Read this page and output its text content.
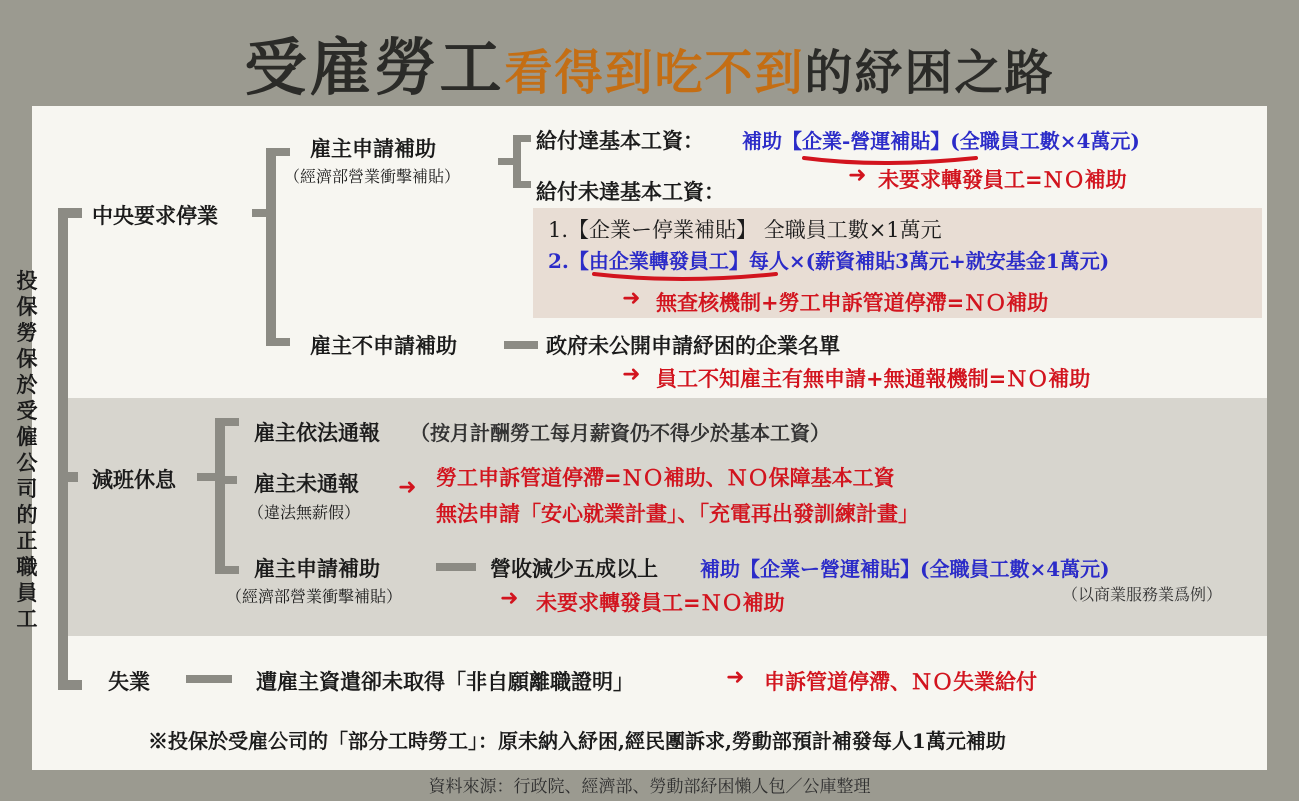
受雇勞工看得到吃不到的紓困之路
投
保
勞
保
於
受
僱
公
司
的
正
職
員
工
中央要求停業
雇主申請補助
（經濟部營業衝擊補貼）
給付達基本工資： 補助【企業-營運補貼】(全職員工數×4萬元)
➜ 未要求轉發員工=ＮＯ補助
給付未達基本工資：
1.【企業ー停業補貼】 全職員工數×1萬元
2.【由企業轉發員工】每人×(薪資補貼3萬元+就安基金1萬元)
➜ 無查核機制+勞工申訴管道停滯=ＮＯ補助
雇主不申請補助	政府未公開申請紓困的企業名單
➜ 員工不知雇主有無申請+無通報機制=ＮＯ補助
減班休息
雇主依法通報 （按月計酬勞工每月薪資仍不得少於基本工資）
雇主未通報
（違法無薪假）
➜ 勞工申訴管道停滯=ＮＯ補助、ＮＯ保障基本工資
無法申請「安心就業計畫」、「充電再出發訓練計畫」
雇主申請補助
（經濟部營業衝擊補貼）
營收減少五成以上 補助【企業ー營運補貼】(全職員工數×4萬元)
（以商業服務業爲例）
➜ 未要求轉發員工=ＮＯ補助
失業	遭雇主資遣卻未取得「非自願離職證明」	➜ 申訴管道停滯、ＮＯ失業給付
※投保於受雇公司的「部分工時勞工」：原未納入紓困,經民團訴求,勞動部預計補發每人1萬元補助
資料來源：行政院、經濟部、勞動部紓困懶人包／公庫整理
